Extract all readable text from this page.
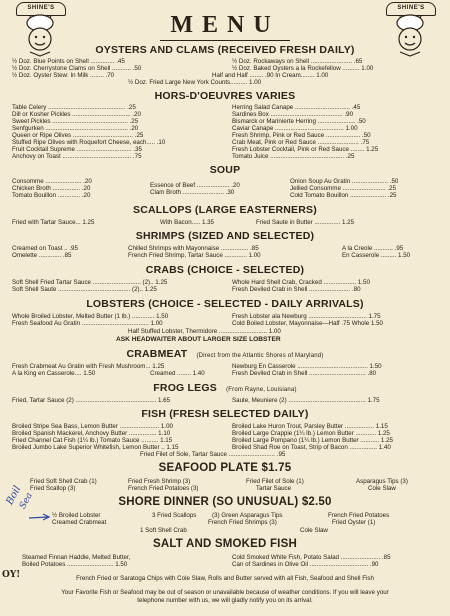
SHINE'S	SHINE'S
MENU
OYSTERS AND CLAMS (RECEIVED FRESH DAILY)
½ Doz. Blue Points on Shell .............. .45
½ Doz. Cherrystone Clams on Shell ........... .50
½ Doz. Oyster Stew: In Milk ........ .70
½ Doz. Rockaways on Shell ........................ .65
½ Doz. Baked Oysters a la Rockefellow .......... 1.00
Half and Half ........ .90 In Cream........ 1.00
½ Doz. Fried Large New York Counts.......... 1.00
HORS-D'OEUVRES VARIES
Table Celery ............................................. .25
Dill or Kosher Pickles .................................. .20
Sweet Pickles ............................................ .25
Senfgurken ................................................ .20
Queen or Ripe Olives ................................... .25
Stuffed Ripe Olives with Roquefort Cheese, each..... .10
Fruit Cocktail Supreme ................................ .35
Anchovy on Toast ........................................ .75
Herring Salad Canape ................................ .45
Sardines Box .......................................... .90
Bismarck or Marinierte Herring ...................... .50
Caviar Canape ........................................ 1.00
Fresh Shrimp, Pink or Red Sauce .................... .50
Crab Meat, Pink or Red Sauce ........................ .75
Fresh Lobster Cocktail, Pink or Red Sauce ........ 1.25
Tomato Juice ........................................... .25
SOUP
Consomme ..................... .20
Chicken Broth ................ .20
Tomato Bouillon ............. .20
Essence of Beef ................... .20
Clam Broth ........................ .30
Onion Soup Au Gratin ..................... .50
Jellied Consomme ......................... .25
Cold Tomato Bouillon ..................... .25
SCALLOPS (LARGE EASTERNERS)
Fried with Tartar Sauce... 1.25	With Bacon..... 1.35	Fried Saute in Butter ............... 1.25
SHRIMPS (SIZED AND SELECTED)
Creamed on Toast .. .95
Omelette ............. .85
Chilled Shrimps with Mayonnaise ................ .85
French Fried Shrimp, Tartar Sauce ............. 1.00
A la Creole ........... .95
En Casserole ......... 1.50
CRABS (CHOICE - SELECTED)
Soft Shell Fried Tartar Sauce ............................ (2).. 1.25
Soft Shell Saute .......................................... (2).. 1.25
Whole Hard Shell Crab, Cracked ................... 1.50
Fresh Deviled Crab in Shell ........................ .80
LOBSTERS (CHOICE - SELECTED - DAILY ARRIVALS)
Whole Broiled Lobster, Melted Butter (1 lb.) ............. 1.50
Fresh Seafood Au Gratin ....................................... 1.00
Fresh Lobster ala Newburg .................................. 1.75
Cold Boiled Lobster, Mayonnaise—Half .75 Whole 1.50
Half Stuffed Lobster, Thermidore ............................ 1.00
ASK HEADWAITER ABOUT LARGER SIZE LOBSTER
CRABMEAT (Direct from the Atlantic Shores of Maryland)
Fresh Crabmeat Au Gratin with Fresh Mushroom... 1.25
A la King en Casserole.... 1.50	Creamed ........ 1.40
Newburg En Casserole ......................................... 1.50
Fresh Deviled Crab in Shell ................................. .80
FROG LEGS (From Rayne, Louisiana)
Fried, Tartar Sauce (2) ............................................... 1.65	Saute, Meuniere (2) ............................................. 1.75
FISH (FRESH SELECTED DAILY)
Broiled Stripe Sea Bass, Lemon Butter ....................... 1.00
Broiled Spanish Mackerel, Anchovy Butter ................ 1.10
Fried Channel Cat Fish (1¼ lb.) Tomato Sauce .......... 1.15
Broiled Jumbo Lake Superior Whitefish, Lemon Butter .. 1.15
Broiled Lake Huron Trout, Parsley Butter ................. 1.15
Broiled Large Crappie (1¼ lb.) Lemon Butter ............ 1.25
Broiled Large Pompano (1¼ lb.) Lemon Butter ........... 1.25
Broiled Shad Roe on Toast, Strip of Bacon ................ 1.40
Fried Filet of Sole, Tartar Sauce ........................... .95
SEAFOOD PLATE $1.75
Fried Soft Shell Crab (1)
Fried Scallop (3)
Fried Fresh Shrimp (3)
French Fried Potatoes (3)
Fried Filet of Sole (1)
Tartar Sauce
Asparagus Tips (3)
Cole Slaw
SHORE DINNER (SO UNUSUAL) $2.50
½ Broiled Lobster
Creamed Crabmeat
3 Fried Scallops
1 Soft Shell Crab
(3) Green Asparagus Tips
French Fried Shrimps (3)
French Fried Potatoes
Fried Oyster (1)
Cole Slaw
SALT AND SMOKED FISH
Steamed Finnan Haddie, Melted Butter,
Boiled Potatoes ........................... 1.50
Cold Smoked White Fish, Potato Salad ....................... .85
Can of Sardines in Olive Oil .................................. .90
French Fried or Saratoga Chips with Cole Slaw, Rolls and Butter served with all Fish, Seafood and Shell Fish
Your Favorite Fish or Seafood may be out of season or unavailable because of weather conditions. If you will leave your
telephone number with us, we will gladly notify you on its arrival.
Boil
Sea
OY!
